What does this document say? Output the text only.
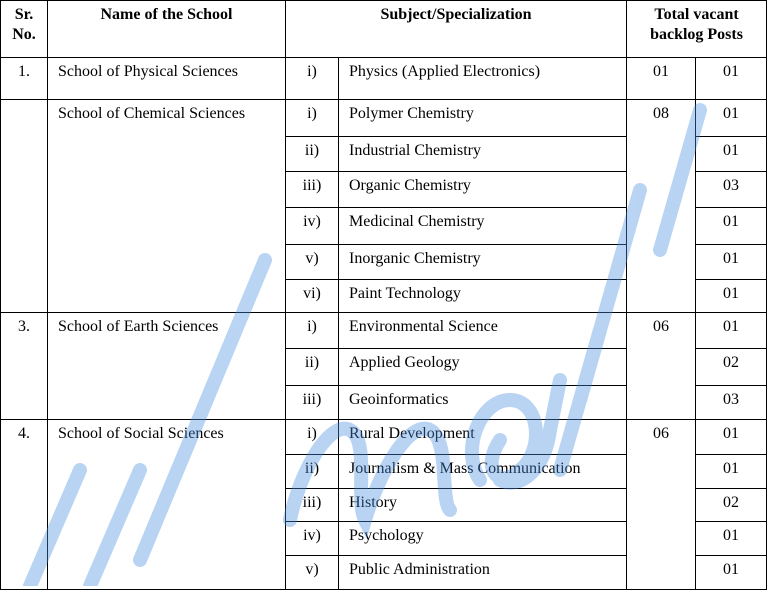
Sr. No.	Name of the School	Subject/Specialization		Total vacant backlog Posts	
1.	School of Physical Sciences	i)	Physics (Applied Electronics)	01	01
	School of Chemical Sciences	i)	Polymer Chemistry	08	01
		ii)	Industrial Chemistry		01
		iii)	Organic Chemistry		03
		iv)	Medicinal Chemistry		01
		v)	Inorganic Chemistry		01
		vi)	Paint Technology		01
3.	School of Earth Sciences	i)	Environmental Science	06	01
		ii)	Applied Geology		02
		iii)	Geoinformatics		03
4.	School of Social Sciences	i)	Rural Development	06	01
		ii)	Journalism & Mass Communication		01
		iii)	History		02
		iv)	Psychology		01
		v)	Public Administration		01
